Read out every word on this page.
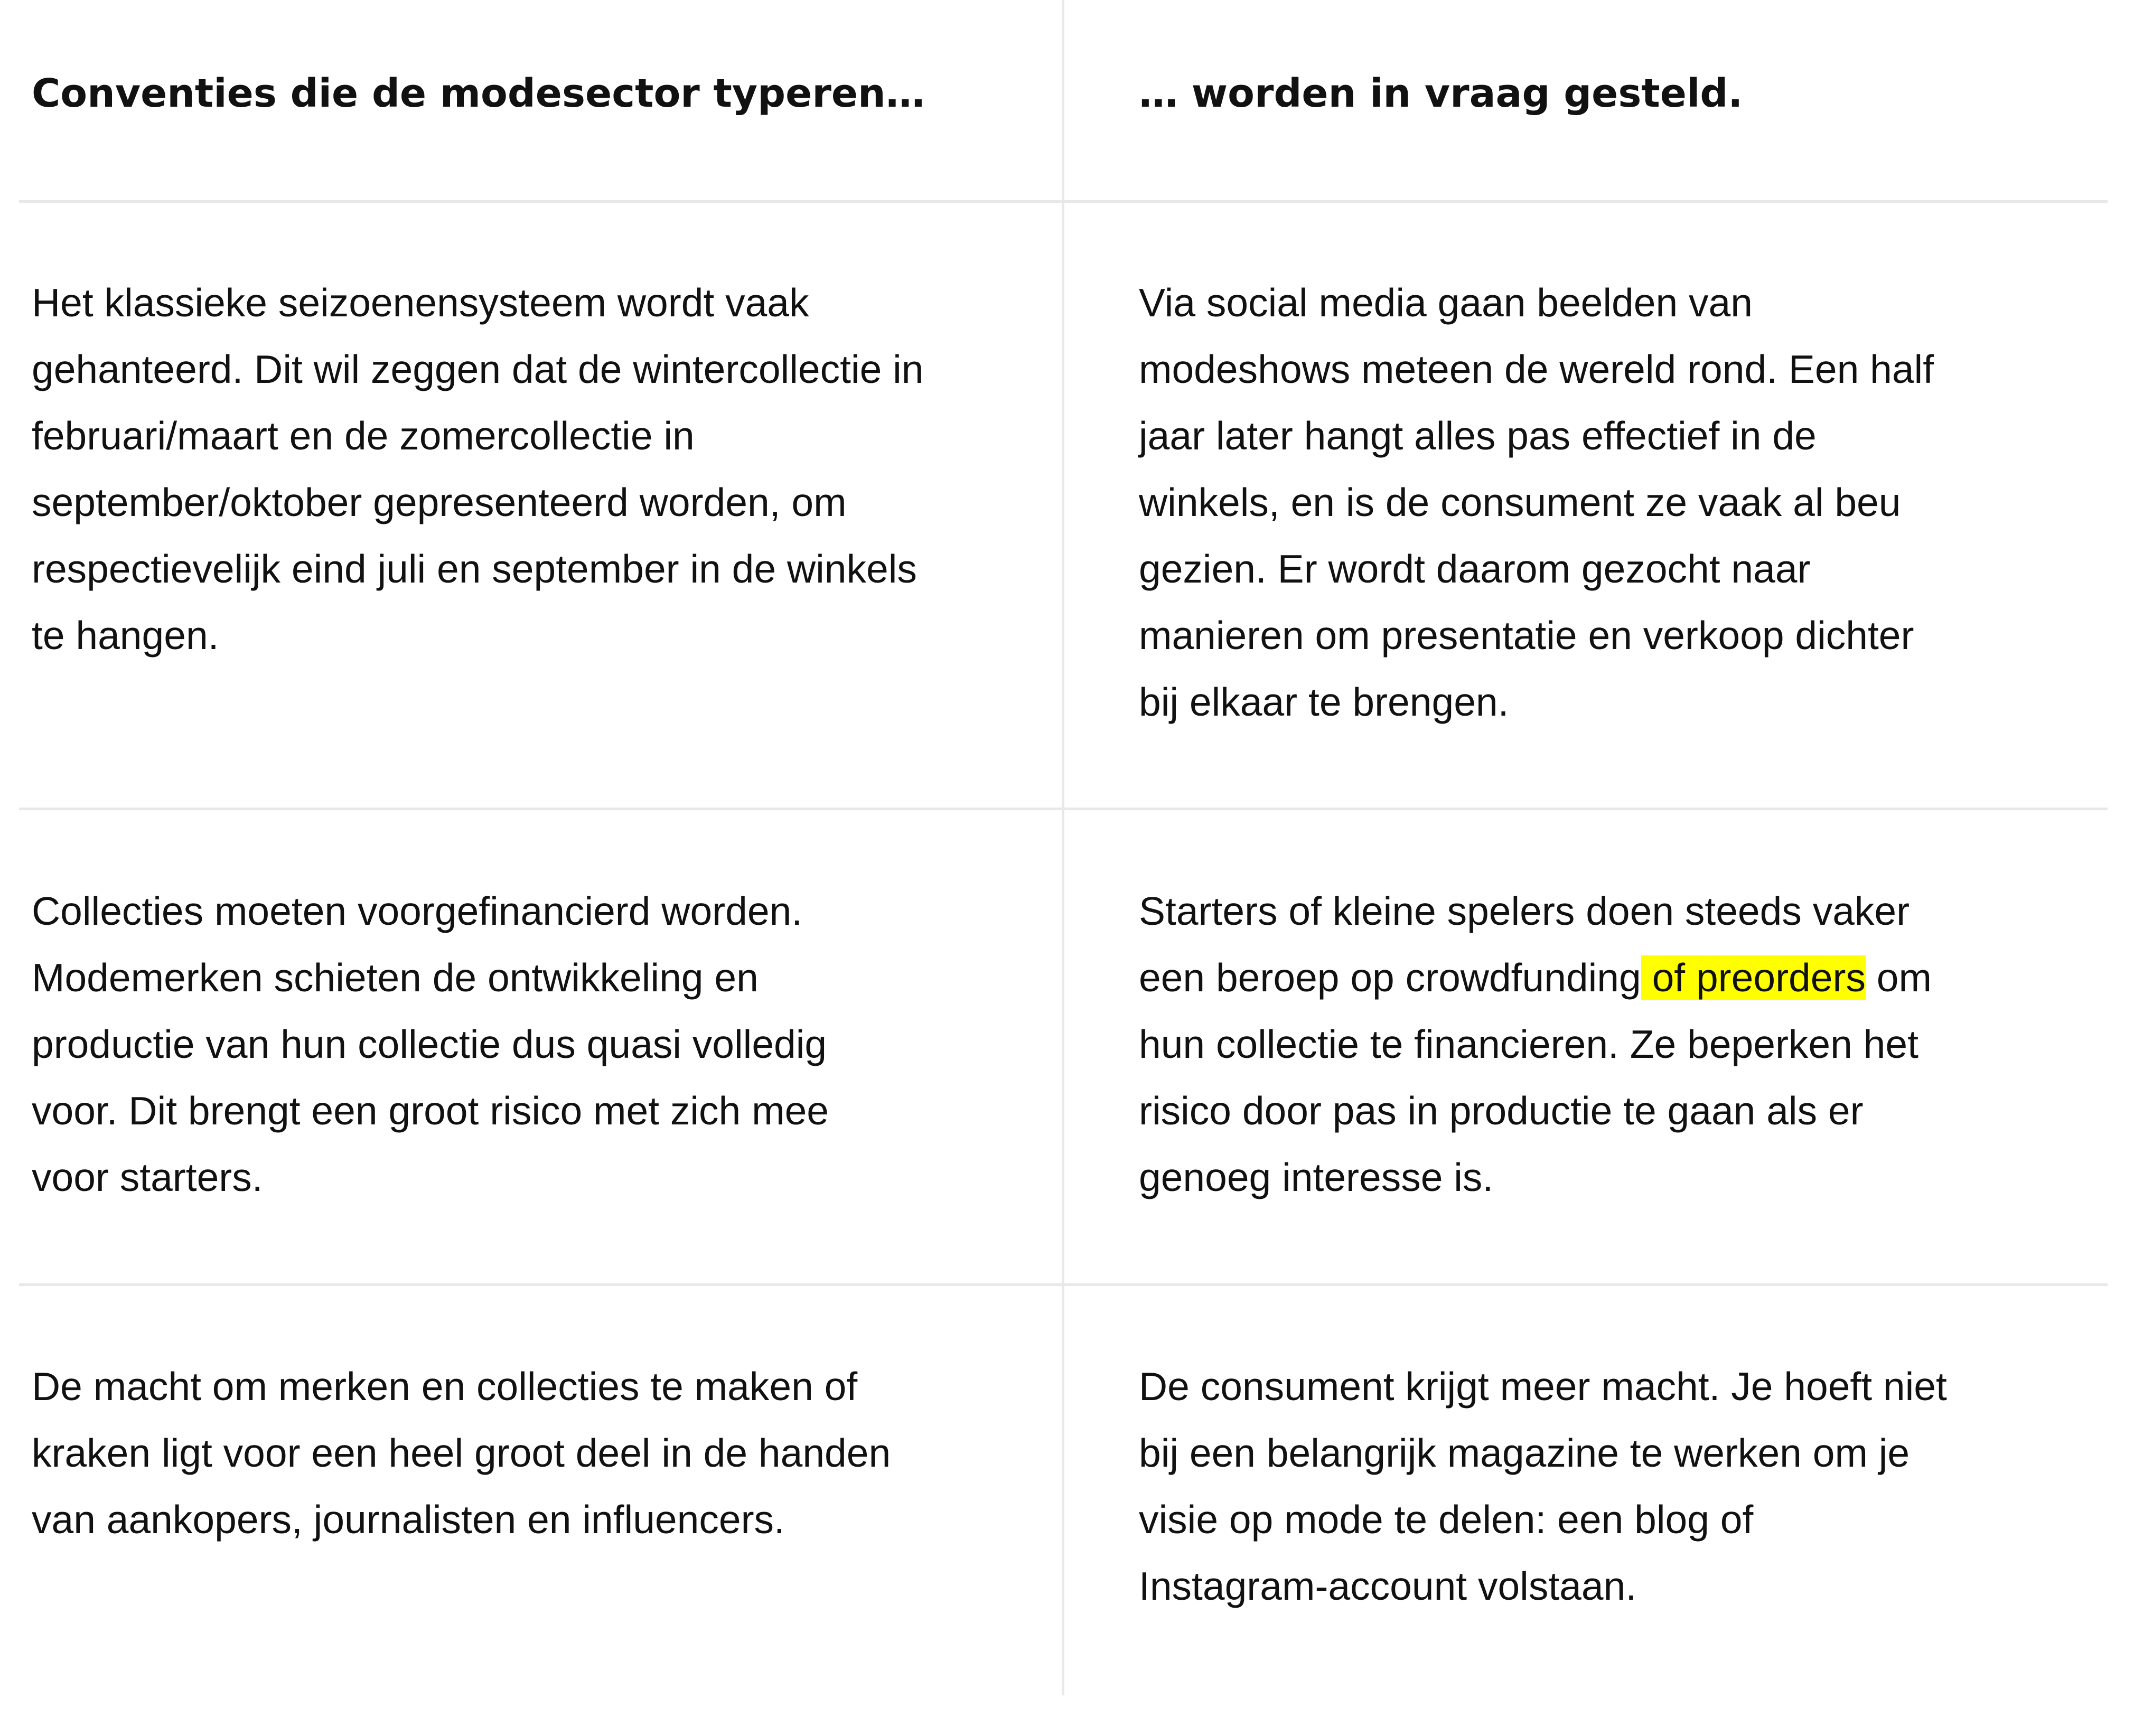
Conventies die de modesector typeren…	… worden in vraag gesteld.
Het klassieke seizoenensysteem wordt vaak
gehanteerd. Dit wil zeggen dat de wintercollectie in
februari/maart en de zomercollectie in
september/oktober gepresenteerd worden, om
respectievelijk eind juli en september in de winkels
te hangen.
Via social media gaan beelden van
modeshows meteen de wereld rond. Een half
jaar later hangt alles pas effectief in de
winkels, en is de consument ze vaak al beu
gezien. Er wordt daarom gezocht naar
manieren om presentatie en verkoop dichter
bij elkaar te brengen.
Collecties moeten voorgefinancierd worden.
Modemerken schieten de ontwikkeling en
productie van hun collectie dus quasi volledig
voor. Dit brengt een groot risico met zich mee
voor starters.
Starters of kleine spelers doen steeds vaker
een beroep op crowdfunding of preorders om
hun collectie te financieren. Ze beperken het
risico door pas in productie te gaan als er
genoeg interesse is.
De macht om merken en collecties te maken of
kraken ligt voor een heel groot deel in de handen
van aankopers, journalisten en influencers.
De consument krijgt meer macht. Je hoeft niet
bij een belangrijk magazine te werken om je
visie op mode te delen: een blog of
Instagram-account volstaan.
